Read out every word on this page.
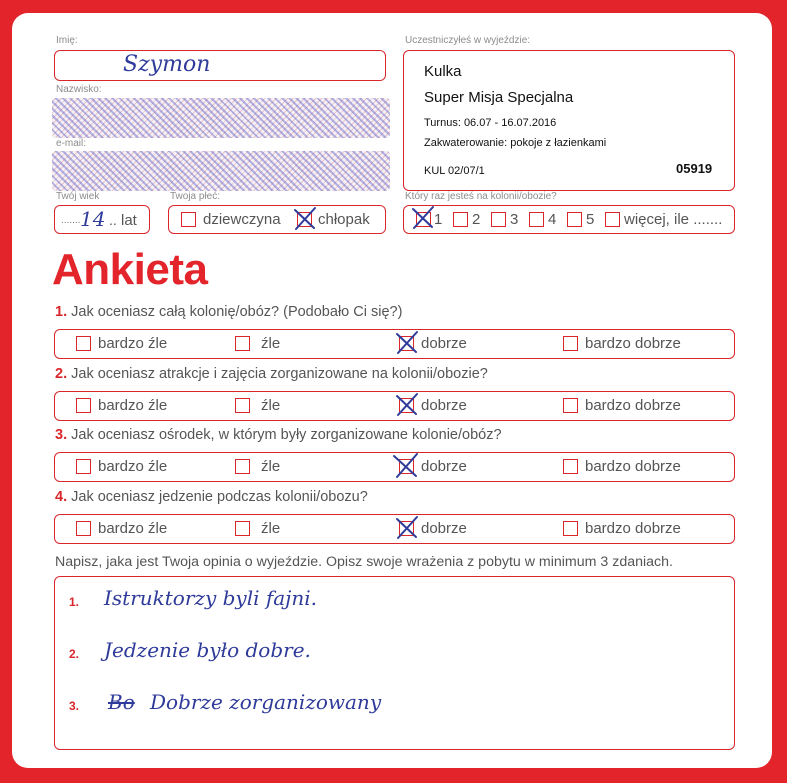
Imię:
Szymon
Nazwisko:
e-mail:
Twój wiek
....... 14 .. lat
Twoja płeć:
dziewczyna chłopak
Uczestniczyłeś w wyjeździe:
Kulka
Super Misja Specjalna
Turnus: 06.07 - 16.07.2016
Zakwaterowanie: pokoje z łazienkami
KUL 02/07/1	05919
Który raz jesteś na kolonii/obozie?
1 2 3 4 5 więcej, ile .......
Ankieta
1. Jak oceniasz całą kolonię/obóz? (Podobało Ci się?)
bardzo źle	źle	dobrze	bardzo dobrze
2. Jak oceniasz atrakcje i zajęcia zorganizowane na kolonii/obozie?
bardzo źle	źle	dobrze	bardzo dobrze
3. Jak oceniasz ośrodek, w którym były zorganizowane kolonie/obóz?
bardzo źle	źle	dobrze	bardzo dobrze
4. Jak oceniasz jedzenie podczas kolonii/obozu?
bardzo źle	źle	dobrze	bardzo dobrze
Napisz, jaka jest Twoja opinia o wyjeździe. Opisz swoje wrażenia z pobytu w minimum 3 zdaniach.
1. Istruktorzy byli fajni.
2. Jedzenie było dobre.
3. Bo Dobrze zorganizowany
